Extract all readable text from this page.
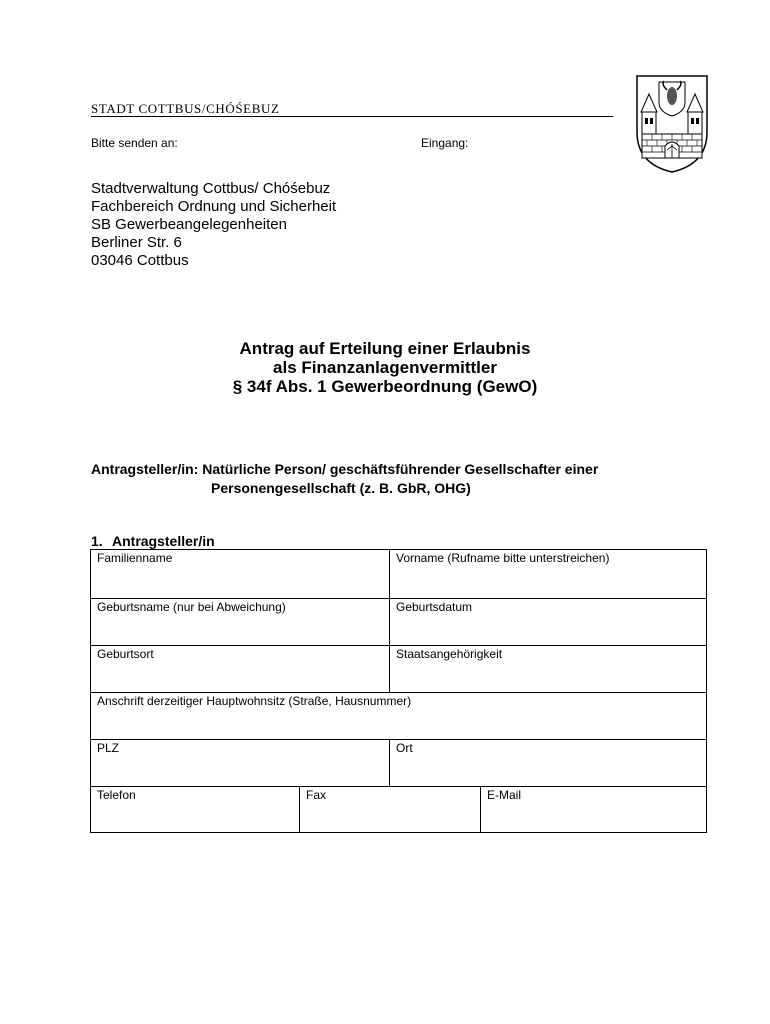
STADT COTTBUS/CHÓŚEBUZ
Bitte senden an:	Eingang:
Stadtverwaltung Cottbus/ Chóśebuz
Fachbereich Ordnung und Sicherheit
SB Gewerbeangelegenheiten
Berliner Str. 6
03046 Cottbus
Antrag auf Erteilung einer Erlaubnis
als Finanzanlagenvermittler
§ 34f Abs. 1 Gewerbeordnung (GewO)
Antragsteller/in: Natürliche Person/ geschäftsführender Gesellschafter einer
Personengesellschaft (z. B. GbR, OHG)
1. Antragsteller/in
Familienname	Vorname (Rufname bitte unterstreichen)
Geburtsname (nur bei Abweichung)	Geburtsdatum
Geburtsort	Staatsangehörigkeit
Anschrift derzeitiger Hauptwohnsitz (Straße, Hausnummer)
PLZ	Ort
Telefon	Fax	E-Mail
